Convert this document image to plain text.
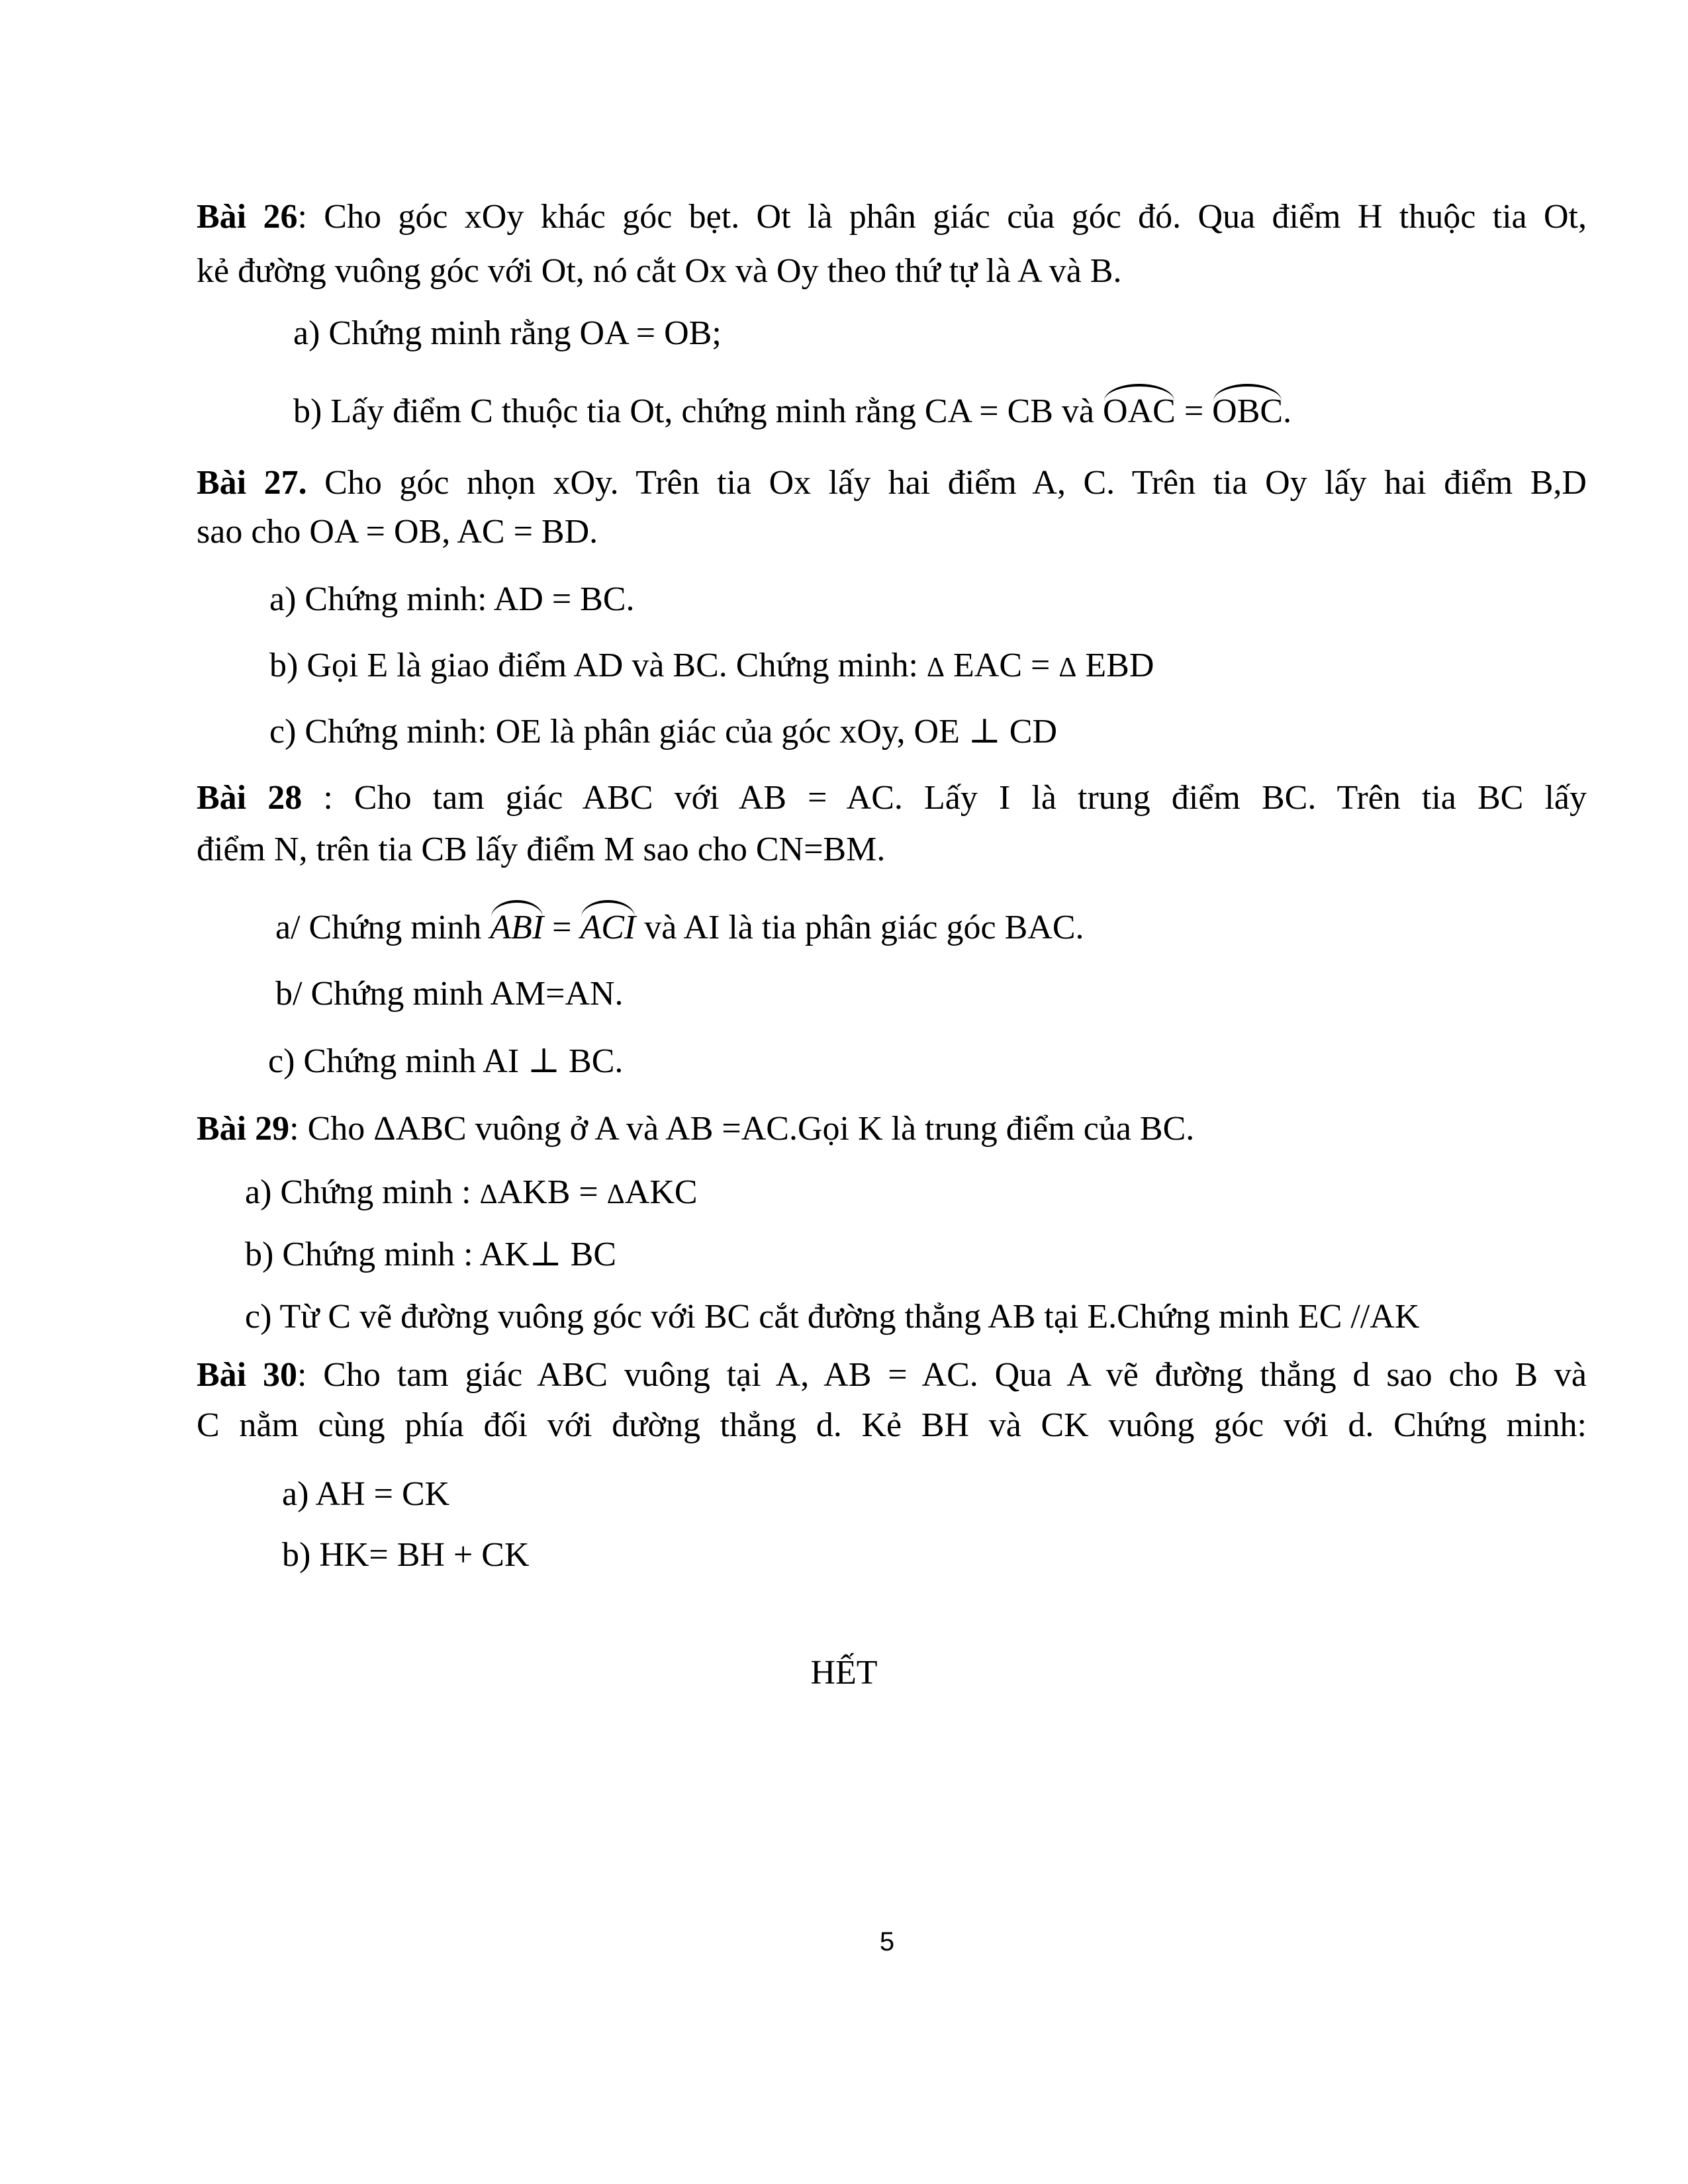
Bài 26: Cho góc xOy khác góc bẹt. Ot là phân giác của góc đó. Qua điểm H thuộc tia Ot,
kẻ đường vuông góc với Ot, nó cắt Ox và Oy theo thứ tự là A và B.
a) Chứng minh rằng OA = OB;
b) Lấy điểm C thuộc tia Ot, chứng minh rằng CA = CB và OAC = OBC.
Bài 27. Cho góc nhọn xOy. Trên tia Ox lấy hai điểm A, C. Trên tia Oy lấy hai điểm B,D
sao cho OA = OB, AC = BD.
a) Chứng minh: AD = BC.
b) Gọi E là giao điểm AD và BC. Chứng minh: Δ EAC = Δ EBD
c) Chứng minh: OE là phân giác của góc xOy, OE ⊥ CD
Bài 28 : Cho tam giác ABC với AB = AC. Lấy I là trung điểm BC. Trên tia BC lấy
điểm N, trên tia CB lấy điểm M sao cho CN=BM.
a/ Chứng minh ABI = ACI và AI là tia phân giác góc BAC.
b/ Chứng minh AM=AN.
c) Chứng minh AI ⊥ BC.
Bài 29: Cho ΔABC vuông ở A và AB =AC.Gọi K là trung điểm của BC.
a) Chứng minh : ΔAKB = ΔAKC
b) Chứng minh : AK⊥ BC
c) Từ C vẽ đường vuông góc với BC cắt đường thẳng AB tại E.Chứng minh EC //AK
Bài 30: Cho tam giác ABC vuông tại A, AB = AC. Qua A vẽ đường thẳng d sao cho B và
C nằm cùng phía đối với đường thẳng d. Kẻ BH và CK vuông góc với d. Chứng minh:
a) AH = CK
b) HK= BH + CK
HẾT
5
